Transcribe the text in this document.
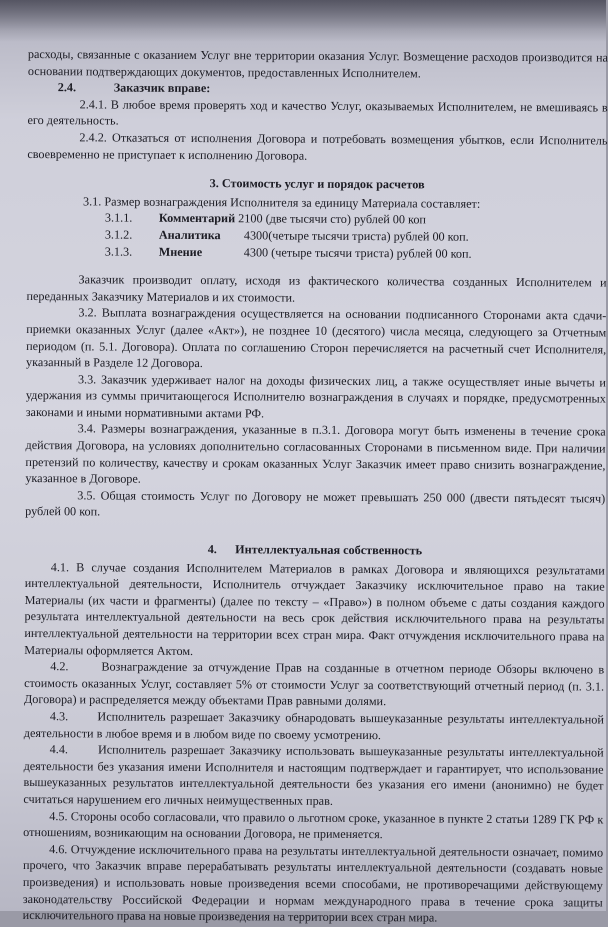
расходы, связанные с оказанием Услуг вне территории оказания Услуг. Возмещение расходов производится на основании подтверждающих документов, предоставленных Исполнителем.

2.4.	Заказчик вправе:

2.4.1. В любое время проверять ход и качество Услуг, оказываемых Исполнителем, не вмешиваясь в его деятельность.

2.4.2. Отказаться от исполнения Договора и потребовать возмещения убытков, если Исполнитель своевременно не приступает к исполнению Договора.

3. Стоимость услуг и порядок расчетов

3.1. Размер вознаграждения Исполнителя за единицу Материала составляет:

3.1.1. Комментарий 2100 (две тысячи сто) рублей 00 коп
3.1.2. Аналитика 4300(четыре тысячи триста) рублей 00 коп.
3.1.3. Мнение	4300 (четыре тысячи триста) рублей 00 коп.

Заказчик производит оплату, исходя из фактического количества созданных Исполнителем и переданных Заказчику Материалов и их стоимости.

3.2. Выплата вознаграждения осуществляется на основании подписанного Сторонами акта сдачи-приемки оказанных Услуг (далее «Акт»), не позднее 10 (десятого) числа месяца, следующего за Отчетным периодом (п. 5.1. Договора). Оплата по соглашению Сторон перечисляется на расчетный счет Исполнителя, указанный в Разделе 12 Договора.

3.3. Заказчик удерживает налог на доходы физических лиц, а также осуществляет иные вычеты и удержания из суммы причитающегося Исполнителю вознаграждения в случаях и порядке, предусмотренных законами и иными нормативными актами РФ.

3.4. Размеры вознаграждения, указанные в п.3.1. Договора могут быть изменены в течение срока действия Договора, на условиях дополнительно согласованных Сторонами в письменном виде. При наличии претензий по количеству, качеству и срокам оказанных Услуг Заказчик имеет право снизить вознаграждение, указанное в Договоре.

3.5. Общая стоимость Услуг по Договору не может превышать 250 000 (двести пятьдесят тысяч) рублей 00 коп.

4.      Интеллектуальная собственность

4.1. В случае создания Исполнителем Материалов в рамках Договора и являющихся результатами интеллектуальной деятельности, Исполнитель отчуждает Заказчику исключительное право на такие Материалы (их части и фрагменты) (далее по тексту – «Право») в полном объеме с даты создания каждого результата интеллектуальной деятельности на весь срок действия исключительного права на результаты интеллектуальной деятельности на территории всех стран мира. Факт отчуждения исключительного права на Материалы оформляется Актом.

4.2.      Вознаграждение за отчуждение Прав на созданные в отчетном периоде Обзоры включено в стоимость оказанных Услуг, составляет 5% от стоимости Услуг за соответствующий отчетный период (п. 3.1. Договора) и распределяется между объектами Прав равными долями.

4.3.      Исполнитель разрешает Заказчику обнародовать вышеуказанные результаты интеллектуальной деятельности в любое время и в любом виде по своему усмотрению.

4.4.      Исполнитель разрешает Заказчику использовать вышеуказанные результаты интеллектуальной деятельности без указания имени Исполнителя и настоящим подтверждает и гарантирует, что использование вышеуказанных результатов интеллектуальной деятельности без указания его имени (анонимно) не будет считаться нарушением его личных неимущественных прав.

4.5. Стороны особо согласовали, что правило о льготном сроке, указанное в пункте 2 статьи 1289 ГК РФ к отношениям, возникающим на основании Договора, не применяется.

4.6. Отчуждение исключительного права на результаты интеллектуальной деятельности означает, помимо прочего, что Заказчик вправе перерабатывать результаты интеллектуальной деятельности (создавать новые произведения) и использовать новые произведения всеми способами, не противоречащими действующему законодательству Российской Федерации и нормам международного права в течение срока защиты исключительного права на новые произведения на территории всех стран мира.
